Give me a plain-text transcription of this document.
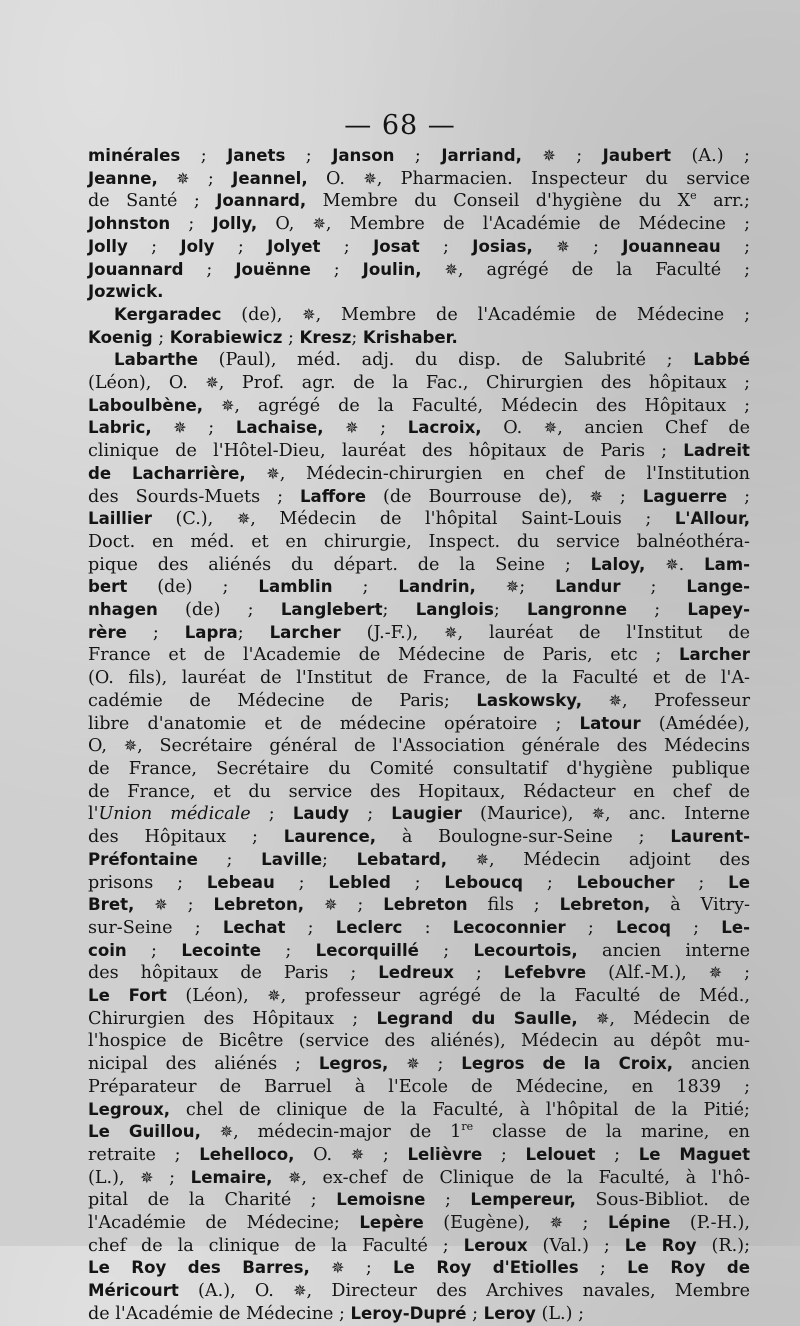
— 68 —
minérales ; Janets ; Janson ; Jarriand, ✵ ; Jaubert (A.) ;
Jeanne, ✵ ; Jeannel, O. ✵, Pharmacien. Inspecteur du service
de Santé ; Joannard, Membre du Conseil d'hygiène du Xe arr.;
Johnston ; Jolly, O, ✵, Membre de l'Académie de Médecine ;
Jolly ; Joly ; Jolyet ; Josat ; Josias, ✵ ; Jouanneau ;
Jouannard ; Jouënne ; Joulin, ✵, agrégé de la Faculté ;
Jozwick.
Kergaradec (de), ✵, Membre de l'Académie de Médecine ;
Koenig ; Korabiewicz ; Kresz; Krishaber.
Labarthe (Paul), méd. adj. du disp. de Salubrité ; Labbé
(Léon), O. ✵, Prof. agr. de la Fac., Chirurgien des hôpitaux ;
Laboulbène, ✵, agrégé de la Faculté, Médecin des Hôpitaux ;
Labric, ✵ ; Lachaise, ✵ ; Lacroix, O. ✵, ancien Chef de
clinique de l'Hôtel-Dieu, lauréat des hôpitaux de Paris ; Ladreit
de Lacharrière, ✵, Médecin-chirurgien en chef de l'Institution
des Sourds-Muets ; Laffore (de Bourrouse de), ✵ ; Laguerre ;
Laillier (C.), ✵, Médecin de l'hôpital Saint-Louis ; L'Allour,
Doct. en méd. et en chirurgie, Inspect. du service balnéothéra-
pique des aliénés du départ. de la Seine ; Laloy, ✵. Lam-
bert (de) ; Lamblin ; Landrin, ✵; Landur ; Lange-
nhagen (de) ; Langlebert; Langlois; Langronne ; Lapey-
rère ; Lapra; Larcher (J.-F.), ✵, lauréat de l'Institut de
France et de l'Academie de Médecine de Paris, etc ; Larcher
(O. fils), lauréat de l'Institut de France, de la Faculté et de l'A-
cadémie de Médecine de Paris; Laskowsky, ✵, Professeur
libre d'anatomie et de médecine opératoire ; Latour (Amédée),
O, ✵, Secrétaire général de l'Association générale des Médecins
de France, Secrétaire du Comité consultatif d'hygiène publique
de France, et du service des Hopitaux, Rédacteur en chef de
l'Union médicale ; Laudy ; Laugier (Maurice), ✵, anc. Interne
des Hôpitaux ; Laurence, à Boulogne-sur-Seine ; Laurent-
Préfontaine ; Laville; Lebatard, ✵, Médecin adjoint des
prisons ; Lebeau ; Lebled ; Leboucq ; Leboucher ; Le
Bret, ✵ ; Lebreton, ✵ ; Lebreton fils ; Lebreton, à Vitry-
sur-Seine ; Lechat ; Leclerc : Lecoconnier ; Lecoq ; Le-
coin ; Lecointe ; Lecorquillé ; Lecourtois, ancien interne
des hôpitaux de Paris ; Ledreux ; Lefebvre (Alf.-M.), ✵ ;
Le Fort (Léon), ✵, professeur agrégé de la Faculté de Méd.,
Chirurgien des Hôpitaux ; Legrand du Saulle, ✵, Médecin de
l'hospice de Bicêtre (service des aliénés), Médecin au dépôt mu-
nicipal des aliénés ; Legros, ✵ ; Legros de la Croix, ancien
Préparateur de Barruel à l'Ecole de Médecine, en 1839 ;
Legroux, chel de clinique de la Faculté, à l'hôpital de la Pitié;
Le Guillou, ✵, médecin-major de 1re classe de la marine, en
retraite ; Lehelloco, O. ✵ ; Lelièvre ; Lelouet ; Le Maguet
(L.), ✵ ; Lemaire, ✵, ex-chef de Clinique de la Faculté, à l'hô-
pital de la Charité ; Lemoisne ; Lempereur, Sous-Bibliot. de
l'Académie de Médecine; Lepère (Eugène), ✵ ; Lépine (P.-H.),
chef de la clinique de la Faculté ; Leroux (Val.) ; Le Roy (R.);
Le Roy des Barres, ✵ ; Le Roy d'Etiolles ; Le Roy de
Méricourt (A.), O. ✵, Directeur des Archives navales, Membre
de l'Académie de Médecine ; Leroy-Dupré ; Leroy (L.) ;
